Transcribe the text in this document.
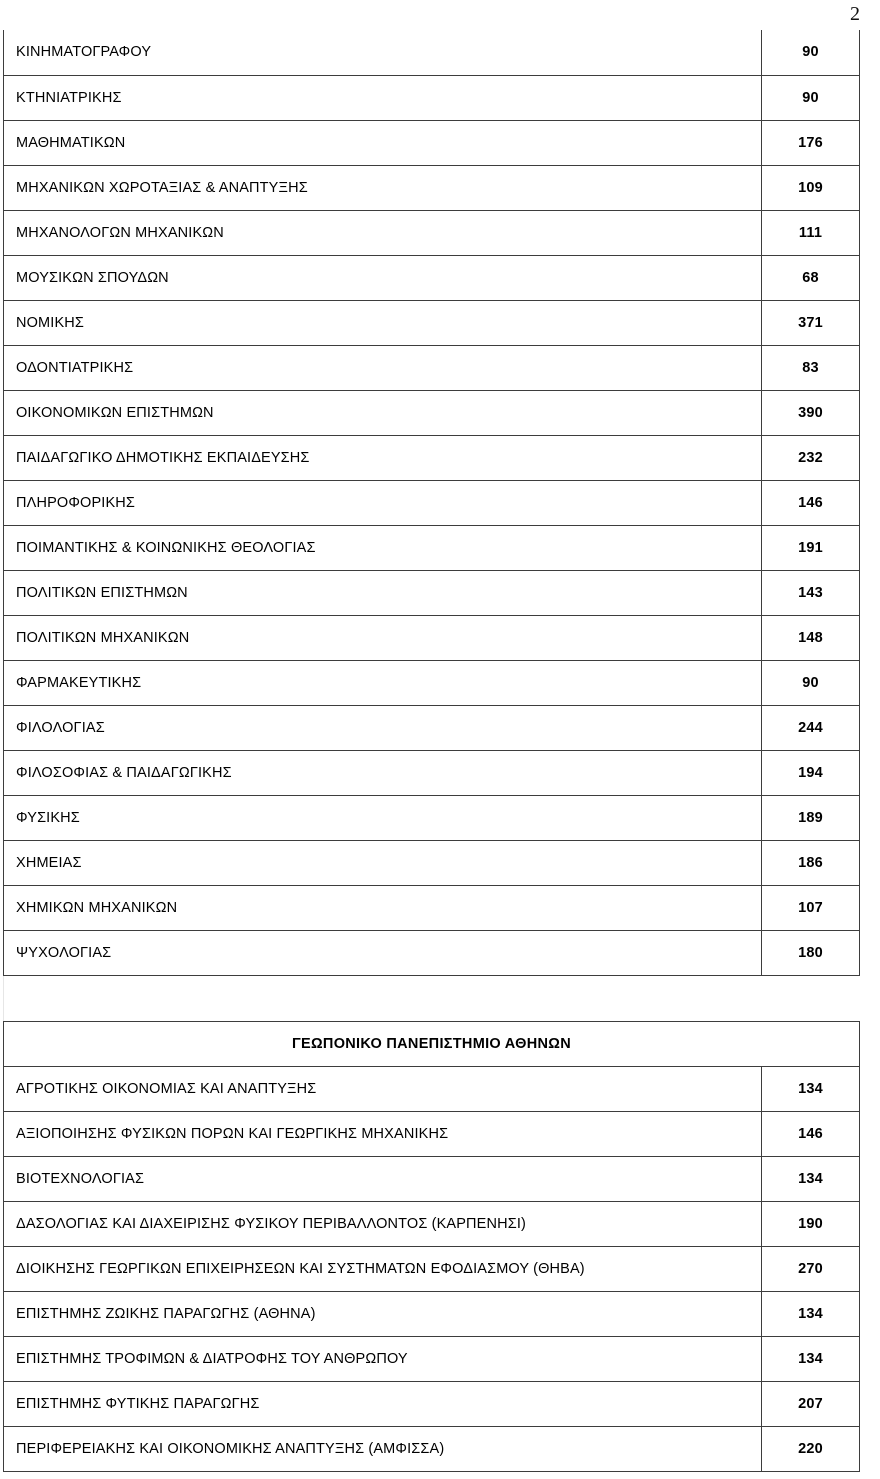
2
ΚΙΝΗΜΑΤΟΓΡΑΦΟΥ	90
ΚΤΗΝΙΑΤΡΙΚΗΣ	90
ΜΑΘΗΜΑΤΙΚΩΝ	176
ΜΗΧΑΝΙΚΩΝ ΧΩΡΟΤΑΞΙΑΣ & ΑΝΑΠΤΥΞΗΣ	109
ΜΗΧΑΝΟΛΟΓΩΝ ΜΗΧΑΝΙΚΩΝ	111
ΜΟΥΣΙΚΩΝ ΣΠΟΥΔΩΝ	68
ΝΟΜΙΚΗΣ	371
ΟΔΟΝΤΙΑΤΡΙΚΗΣ	83
ΟΙΚΟΝΟΜΙΚΩΝ ΕΠΙΣΤΗΜΩΝ	390
ΠΑΙΔΑΓΩΓΙΚΟ ΔΗΜΟΤΙΚΗΣ ΕΚΠΑΙΔΕΥΣΗΣ	232
ΠΛΗΡΟΦΟΡΙΚΗΣ	146
ΠΟΙΜΑΝΤΙΚΗΣ & ΚΟΙΝΩΝΙΚΗΣ ΘΕΟΛΟΓΙΑΣ	191
ΠΟΛΙΤΙΚΩΝ ΕΠΙΣΤΗΜΩΝ	143
ΠΟΛΙΤΙΚΩΝ ΜΗΧΑΝΙΚΩΝ	148
ΦΑΡΜΑΚΕΥΤΙΚΗΣ	90
ΦΙΛΟΛΟΓΙΑΣ	244
ΦΙΛΟΣΟΦΙΑΣ & ΠΑΙΔΑΓΩΓΙΚΗΣ	194
ΦΥΣΙΚΗΣ	189
ΧΗΜΕΙΑΣ	186
ΧΗΜΙΚΩΝ ΜΗΧΑΝΙΚΩΝ	107
ΨΥΧΟΛΟΓΙΑΣ	180
ΓΕΩΠΟΝΙΚΟ ΠΑΝΕΠΙΣΤΗΜΙΟ ΑΘΗΝΩΝ	
ΑΓΡΟΤΙΚΗΣ ΟΙΚΟΝΟΜΙΑΣ ΚΑΙ ΑΝΑΠΤΥΞΗΣ	134
ΑΞΙΟΠΟΙΗΣΗΣ ΦΥΣΙΚΩΝ ΠΟΡΩΝ ΚΑΙ ΓΕΩΡΓΙΚΗΣ ΜΗΧΑΝΙΚΗΣ	146
ΒΙΟΤΕΧΝΟΛΟΓΙΑΣ	134
ΔΑΣΟΛΟΓΙΑΣ ΚΑΙ ΔΙΑΧΕΙΡΙΣΗΣ ΦΥΣΙΚΟΥ ΠΕΡΙΒΑΛΛΟΝΤΟΣ (ΚΑΡΠΕΝΗΣΙ)	190
ΔΙΟΙΚΗΣΗΣ ΓΕΩΡΓΙΚΩΝ ΕΠΙΧΕΙΡΗΣΕΩΝ ΚΑΙ ΣΥΣΤΗΜΑΤΩΝ ΕΦΟΔΙΑΣΜΟΥ (ΘΗΒΑ)	270
ΕΠΙΣΤΗΜΗΣ ΖΩΙΚΗΣ ΠΑΡΑΓΩΓΗΣ (ΑΘΗΝΑ)	134
ΕΠΙΣΤΗΜΗΣ ΤΡΟΦΙΜΩΝ & ΔΙΑΤΡΟΦΗΣ ΤΟΥ ΑΝΘΡΩΠΟΥ	134
ΕΠΙΣΤΗΜΗΣ ΦΥΤΙΚΗΣ ΠΑΡΑΓΩΓΗΣ	207
ΠΕΡΙΦΕΡΕΙΑΚΗΣ ΚΑΙ ΟΙΚΟΝΟΜΙΚΗΣ ΑΝΑΠΤΥΞΗΣ (ΑΜΦΙΣΣΑ)	220
